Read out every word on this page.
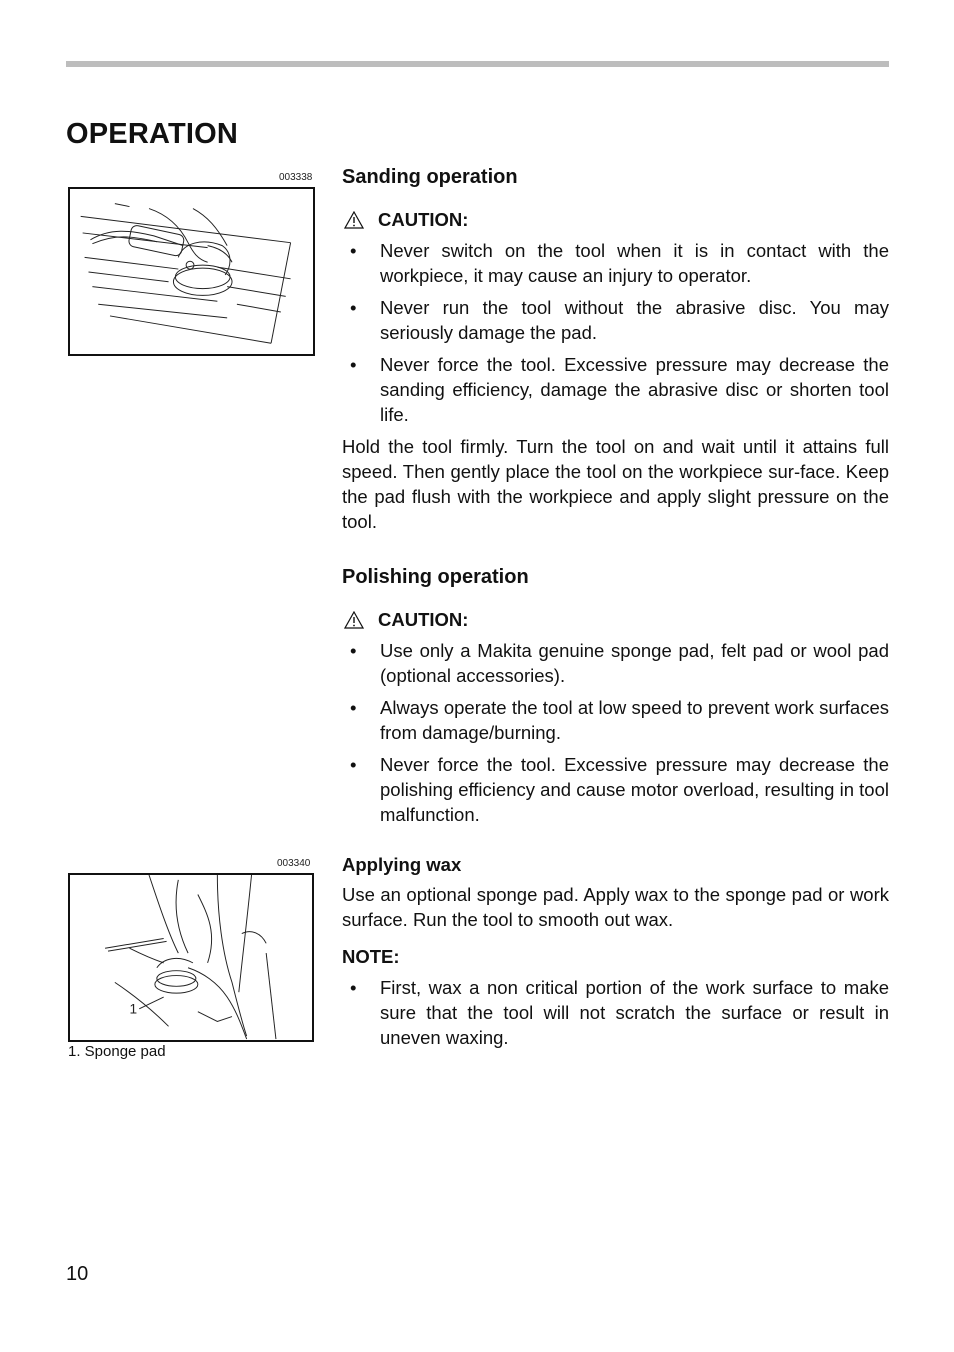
OPERATION
003338
003340
1
1. Sponge pad
Sanding operation
CAUTION:
• Never switch on the tool when it is in contact with the workpiece, it may cause an injury to operator.
• Never run the tool without the abrasive disc. You may seriously damage the pad.
• Never force the tool. Excessive pressure may decrease the sanding efficiency, damage the abrasive disc or shorten tool life.

Hold the tool firmly. Turn the tool on and wait until it attains full speed. Then gently place the tool on the workpiece sur-face. Keep the pad flush with the workpiece and apply slight pressure on the tool.

Polishing operation
CAUTION:
• Use only a Makita genuine sponge pad, felt pad or wool pad (optional accessories).
• Always operate the tool at low speed to prevent work surfaces from damage/burning.
• Never force the tool. Excessive pressure may decrease the polishing efficiency and cause motor overload, resulting in tool malfunction.
Applying wax

Use an optional sponge pad. Apply wax to the sponge pad or work surface. Run the tool to smooth out wax.

NOTE:
• First, wax a non critical portion of the work surface to make sure that the tool will not scratch the surface or result in uneven waxing.
10
